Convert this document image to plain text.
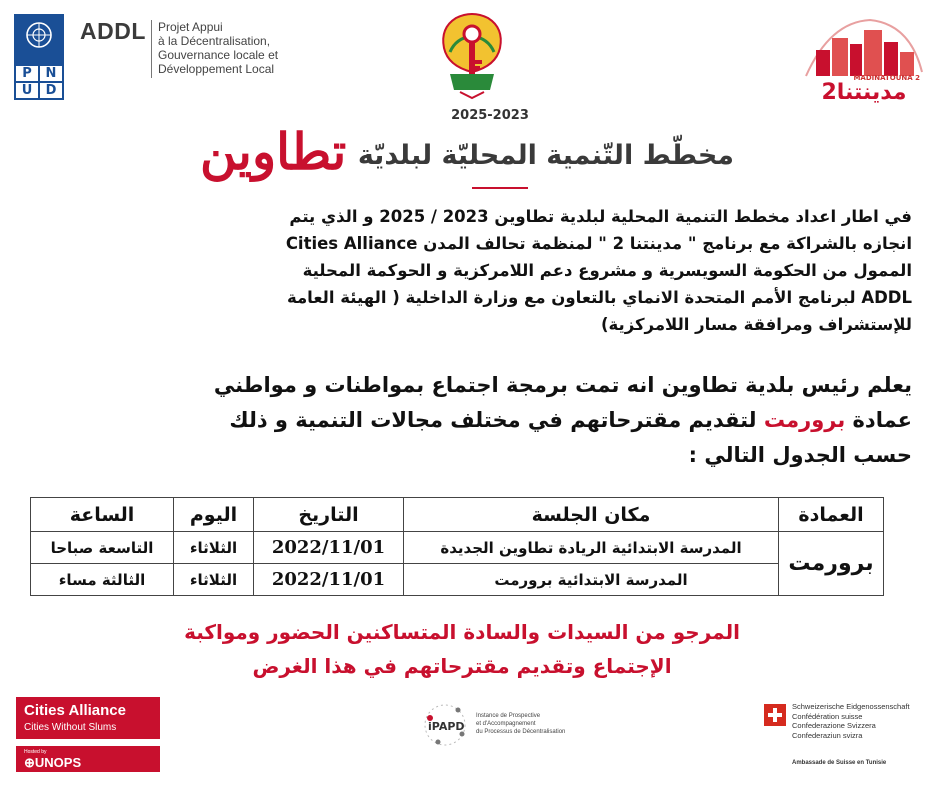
P	N
U	D
ADDL Projet Appui
à la Décentralisation,
Gouvernance locale et
Développement Local
2025-2023
مخطّط التّنمية المحليّة لبلديّة
تطاوين
MADINATOUNA 2
مدينتنا2
في اطار اعداد مخطط التنمية المحلية لبلدية تطاوين 2023 / 2025 و الذي يتم
انجازه بالشراكة مع برنامج " مدينتنا 2 " لمنظمة تحالف المدن Cities Alliance
الممول من الحكومة السويسرية و مشروع دعم اللامركزية و الحوكمة المحلية
ADDL لبرنامج الأمم المتحدة الانماي بالتعاون مع وزارة الداخلية ( الهيئة العامة
للإستشراف ومرافقة مسار اللامركزية)
يعلم رئيس بلدية تطاوين انه تمت برمجة اجتماع بمواطنات و مواطني
عمادة برورمت لتقديم مقترحاتهم في مختلف مجالات التنمية و ذلك
حسب الجدول التالي :
العمادة	مكان الجلسة	التاريخ	اليوم	الساعة
برورمت	المدرسة الابتدائية الريادة تطاوين الجديدة	2022/11/01	الثلاثاء	التاسعة صباحا
	المدرسة الابتدائية برورمت	2022/11/01	الثلاثاء	الثالثة مساء
المرجو من السيدات والسادة المتساكنين الحضور ومواكبة
الإجتماع وتقديم مقترحاتهم في هذا الغرض
Cities Alliance
Cities Without Slums
Hosted by
⊕UNOPS
iPAPD
Instance de Prospective
et d'Accompagnement
du Processus de Décentralisation
Schweizerische Eidgenossenschaft
Confédération suisse
Confederazione Svizzera
Confederaziun svizra
Ambassade de Suisse en Tunisie
